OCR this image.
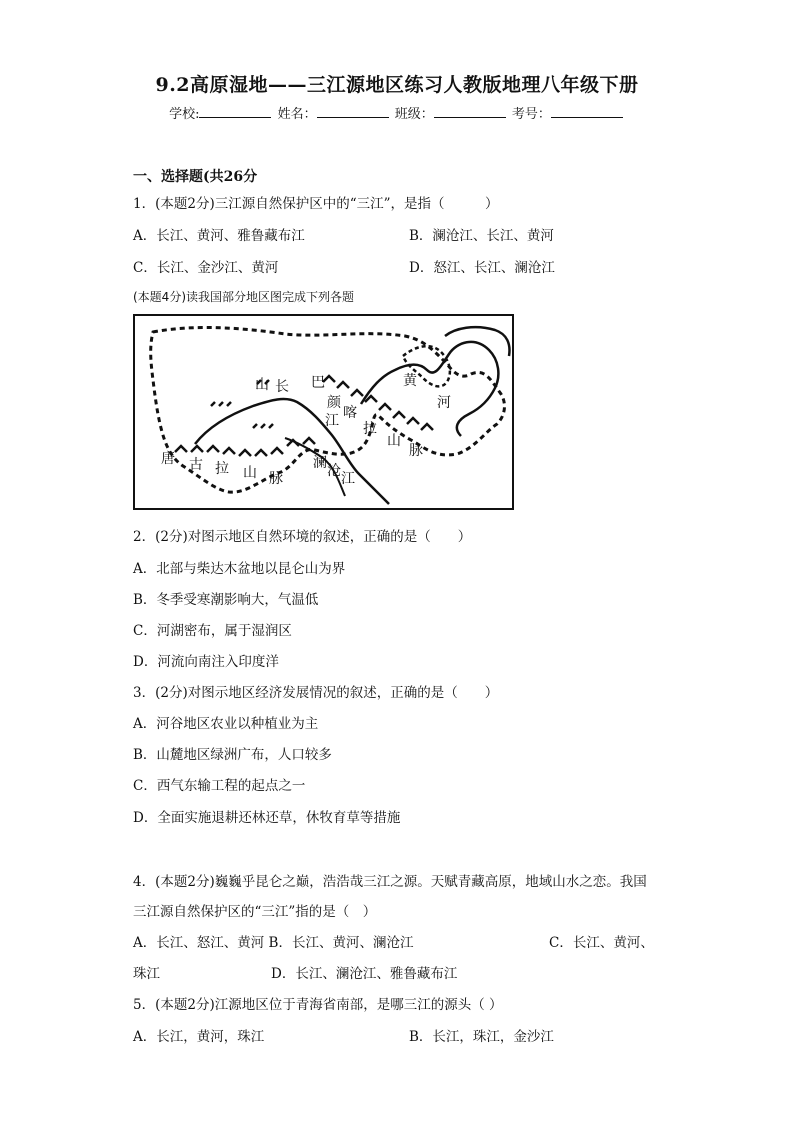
9.2高原湿地——三江源地区练习人教版地理八年级下册
学校:	姓名：	班级：	考号：
一、选择题(共26分
1．(本题2分)三江源自然保护区中的“三江”，是指（　　　）
A．长江、黄河、雅鲁藏布江	B．澜沧江、长江、黄河
C．长江、金沙江、黄河	D．怒江、长江、澜沧江
(本题4分)读我国部分地区图完成下列各题
山 长 巴
颜
江 喀
拉
山
脉
黄
河
唐 古 拉 山 脉
澜 沧 江
2．(2分)对图示地区自然环境的叙述，正确的是（　　）
A．北部与柴达木盆地以昆仑山为界
B．冬季受寒潮影响大，气温低
C．河湖密布，属于湿润区
D．河流向南注入印度洋
3．(2分)对图示地区经济发展情况的叙述，正确的是（　　）
A．河谷地区农业以种植业为主
B．山麓地区绿洲广布，人口较多
C．西气东输工程的起点之一
D．全面实施退耕还林还草，休牧育草等措施
4．(本题2分)巍巍乎昆仑之巅，浩浩哉三江之源。天赋青藏高原，地域山水之恋。我国
三江源自然保护区的“三江”指的是（　）
A．长江、怒江、黄河 B．长江、黄河、澜沧江	C．长江、黄河、
珠江	D．长江、澜沧江、雅鲁藏布江
5．(本题2分)江源地区位于青海省南部，是哪三江的源头（ ）
A．长江，黄河，珠江	B．长江，珠江，金沙江
